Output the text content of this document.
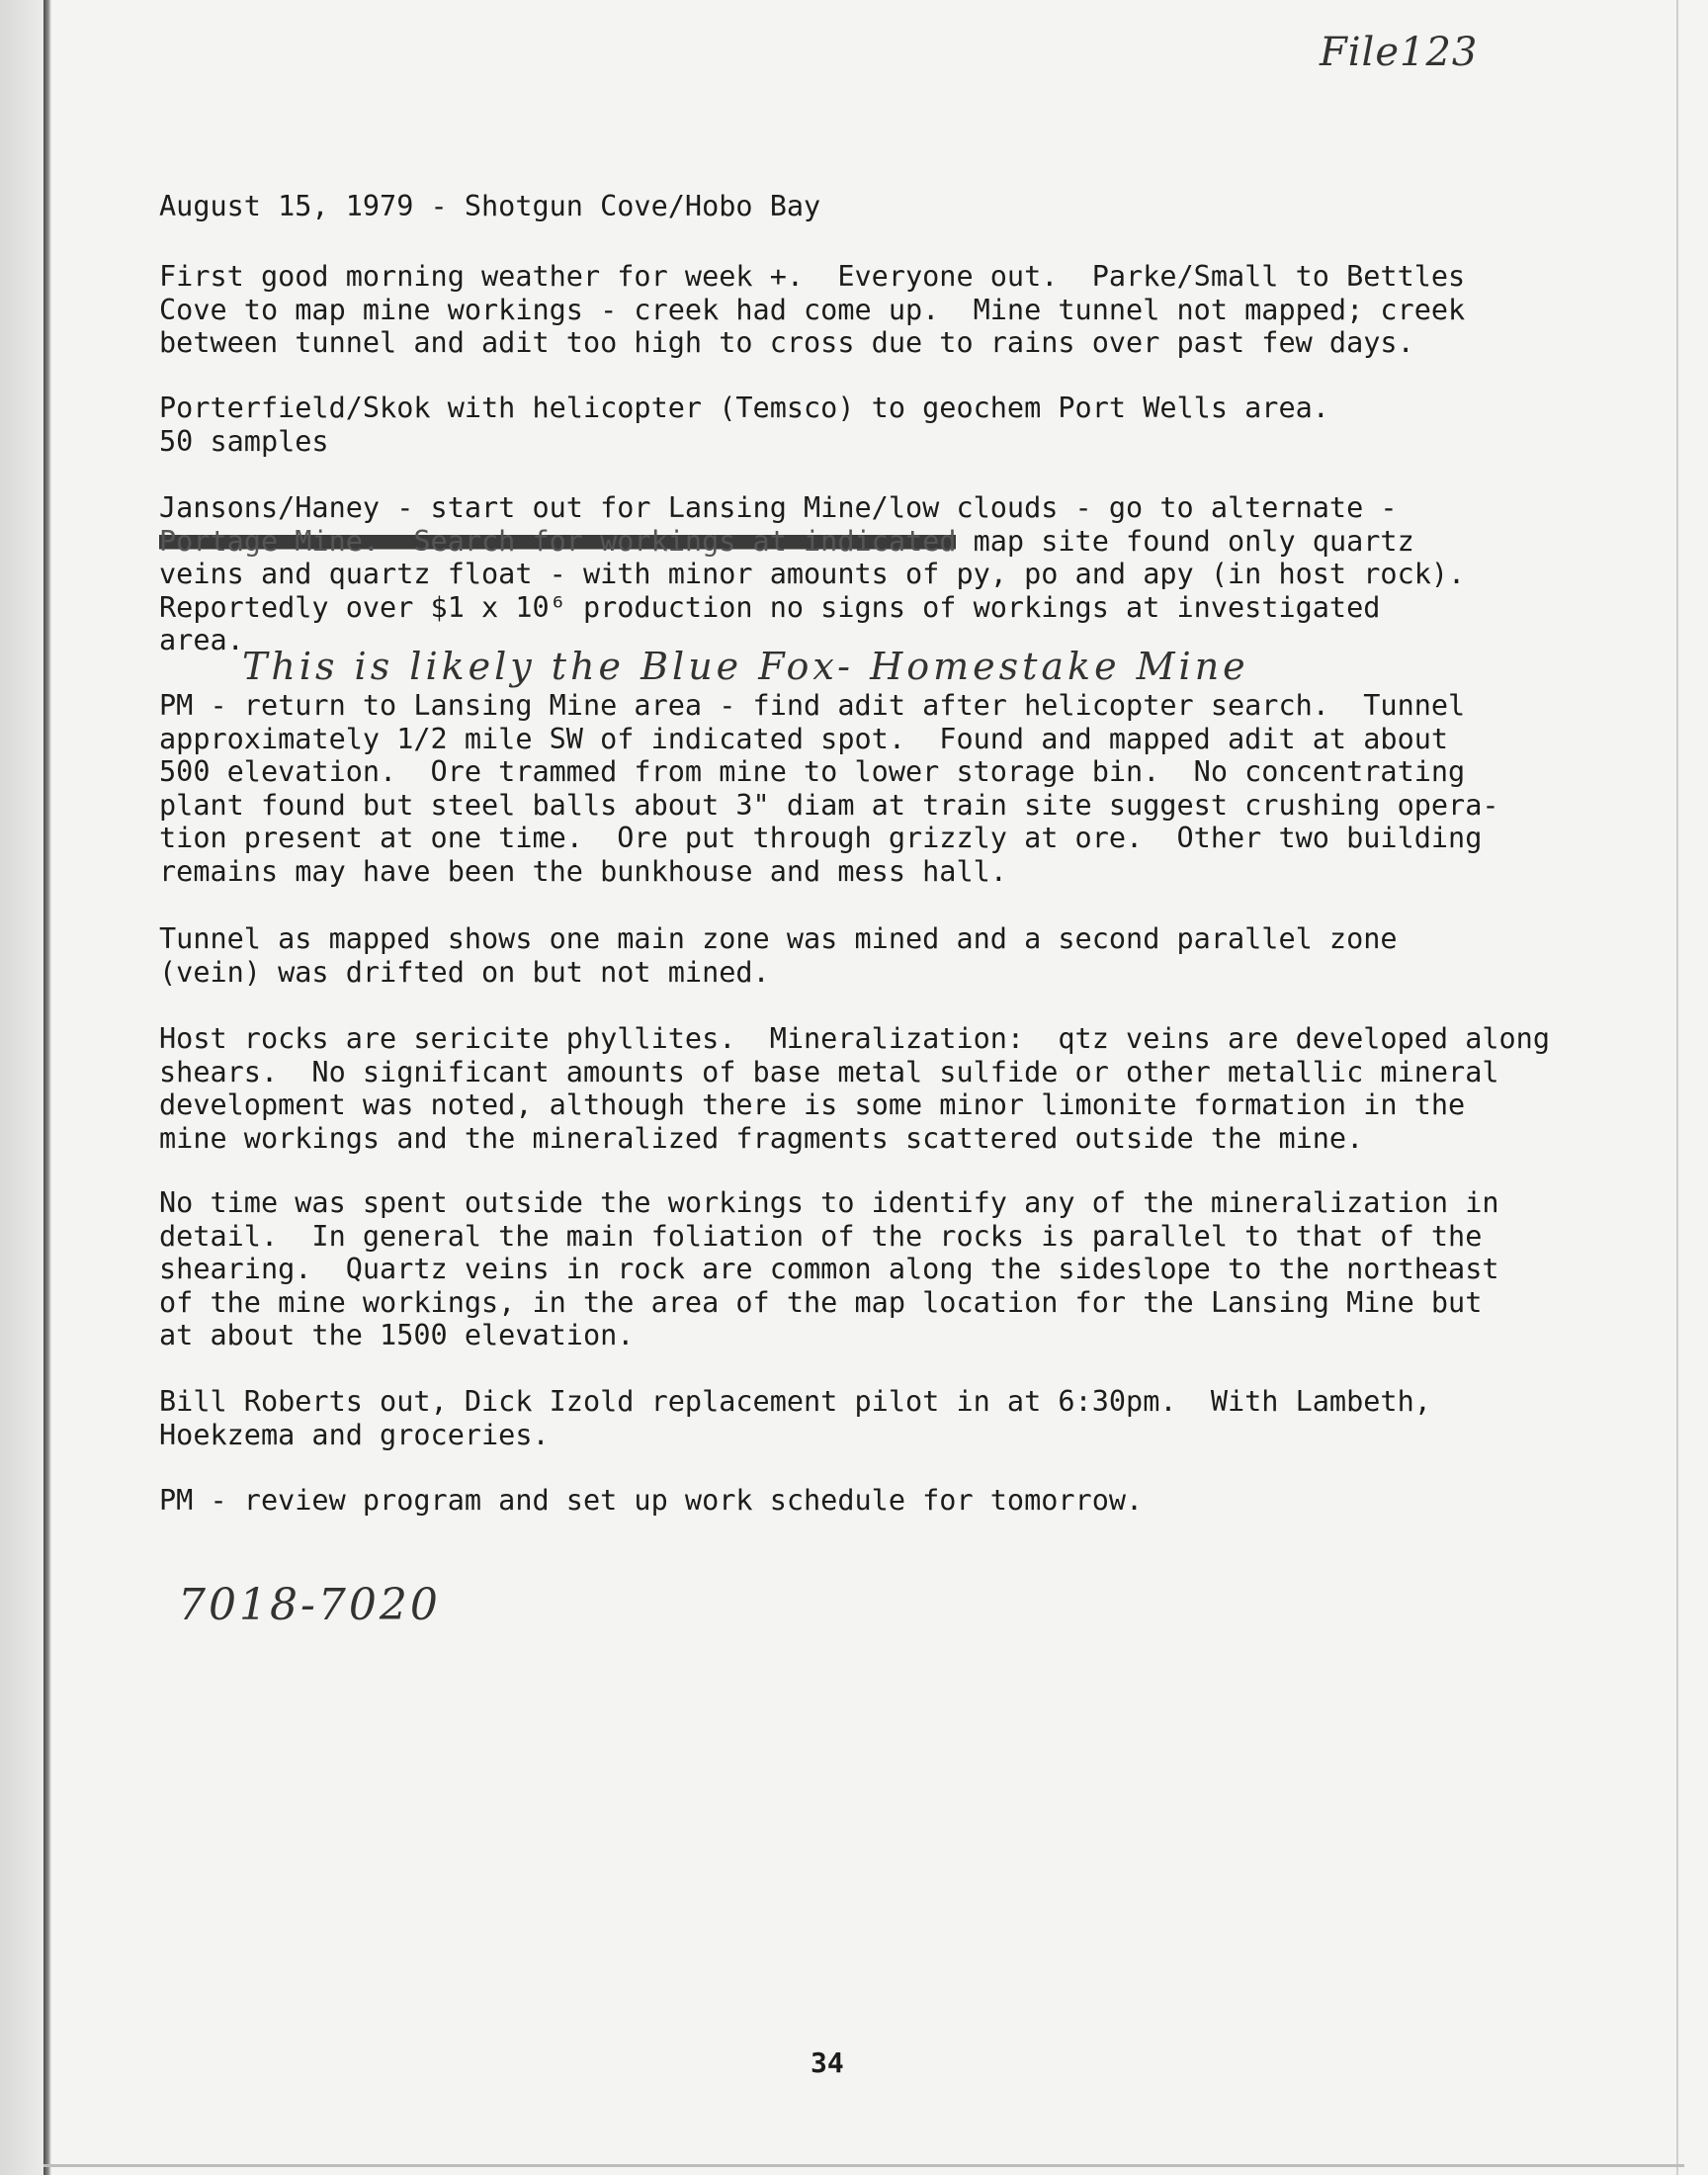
File123
August 15, 1979 - Shotgun Cove/Hobo Bay
First good morning weather for week +.  Everyone out.  Parke/Small to Bettles
Cove to map mine workings - creek had come up.  Mine tunnel not mapped; creek
between tunnel and adit too high to cross due to rains over past few days.
Porterfield/Skok with helicopter (Temsco) to geochem Port Wells area.
50 samples
Jansons/Haney - start out for Lansing Mine/low clouds - go to alternate -
Portage Mine.  Search for workings at indicated map site found only quartz
veins and quartz float - with minor amounts of py, po and apy (in host rock).
Reportedly over $1 x 10⁶ production no signs of workings at investigated
area.
This is likely the Blue Fox- Homestake Mine
PM - return to Lansing Mine area - find adit after helicopter search.  Tunnel
approximately 1/2 mile SW of indicated spot.  Found and mapped adit at about
500 elevation.  Ore trammed from mine to lower storage bin.  No concentrating
plant found but steel balls about 3" diam at train site suggest crushing opera-
tion present at one time.  Ore put through grizzly at ore.  Other two building
remains may have been the bunkhouse and mess hall.
Tunnel as mapped shows one main zone was mined and a second parallel zone
(vein) was drifted on but not mined.
Host rocks are sericite phyllites.  Mineralization:  qtz veins are developed along
shears.  No significant amounts of base metal sulfide or other metallic mineral
development was noted, although there is some minor limonite formation in the
mine workings and the mineralized fragments scattered outside the mine.
No time was spent outside the workings to identify any of the mineralization in
detail.  In general the main foliation of the rocks is parallel to that of the
shearing.  Quartz veins in rock are common along the sideslope to the northeast
of the mine workings, in the area of the map location for the Lansing Mine but
at about the 1500 elevation.
Bill Roberts out, Dick Izold replacement pilot in at 6:30pm.  With Lambeth,
Hoekzema and groceries.
PM - review program and set up work schedule for tomorrow.
7018-7020
34
